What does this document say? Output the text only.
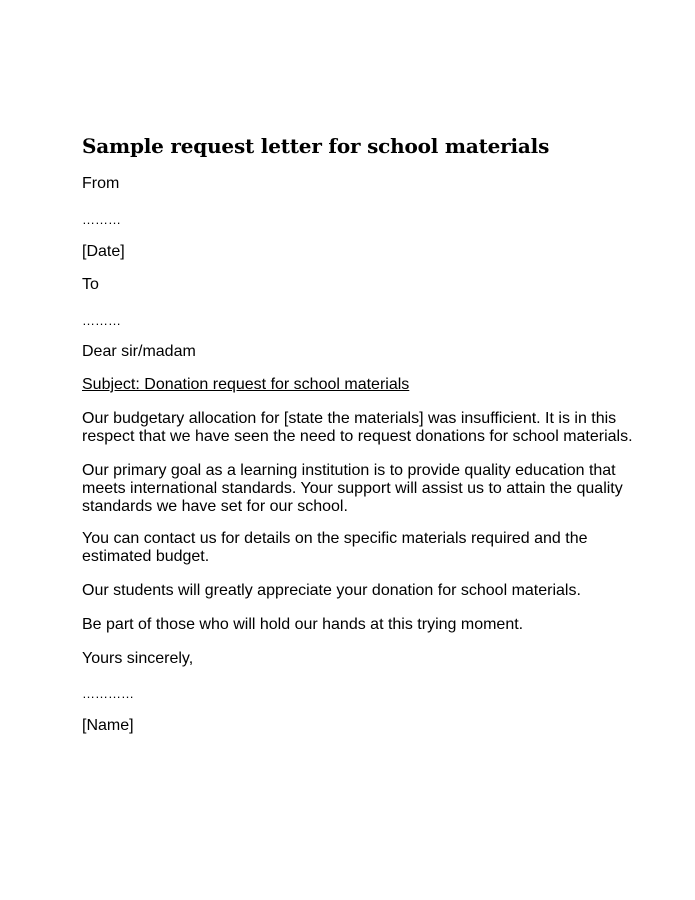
Sample request letter for school materials
From
………
[Date]
To
………
Dear sir/madam
Subject: Donation request for school materials
Our budgetary allocation for [state the materials] was insufficient. It is in this
respect that we have seen the need to request donations for school materials.
Our primary goal as a learning institution is to provide quality education that
meets international standards. Your support will assist us to attain the quality
standards we have set for our school.
You can contact us for details on the specific materials required and the
estimated budget.
Our students will greatly appreciate your donation for school materials.
Be part of those who will hold our hands at this trying moment.
Yours sincerely,
…………
[Name]
